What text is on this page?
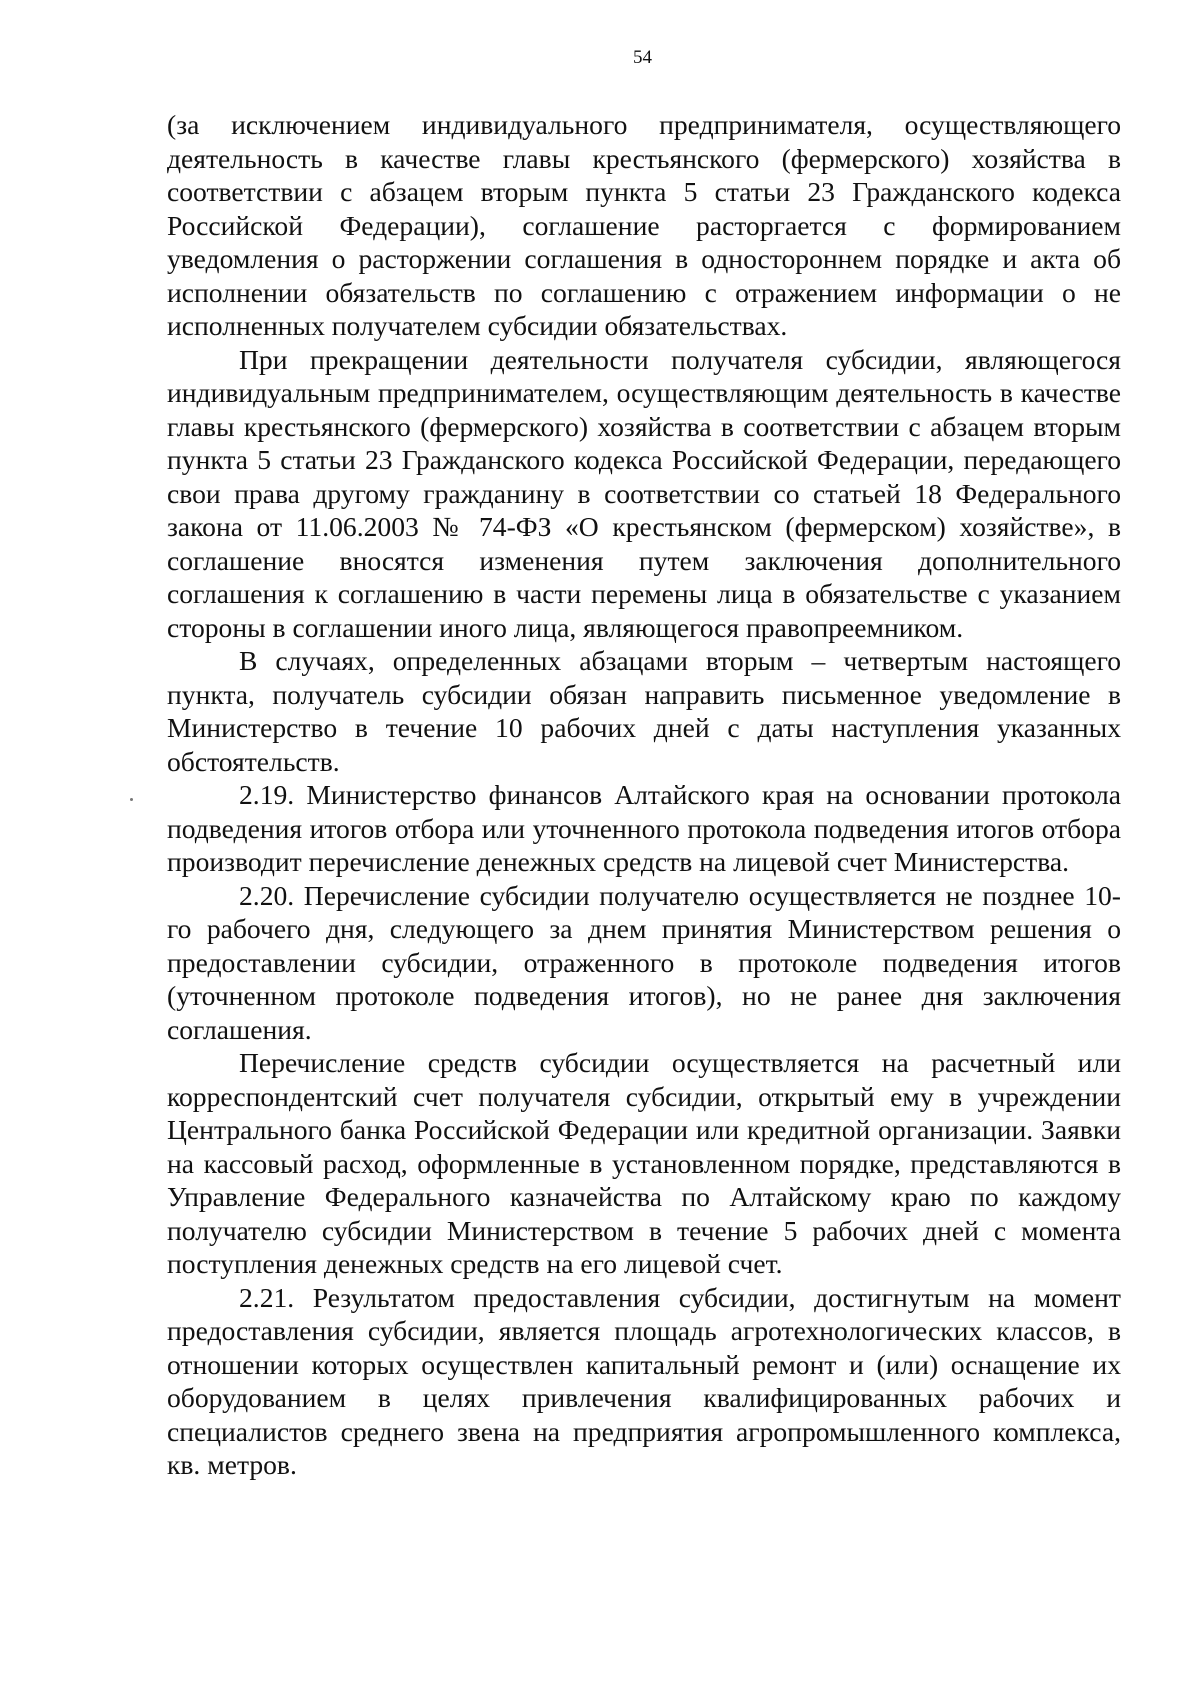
54

(за исключением индивидуального предпринимателя, осуществляющего деятельность в качестве главы крестьянского (фермерского) хозяйства в соответствии с абзацем вторым пункта 5 статьи 23 Гражданского кодекса Российской Федерации), соглашение расторгается с формированием уведомления о расторжении соглашения в одностороннем порядке и акта об исполнении обязательств по соглашению с отражением информации о не исполненных получателем субсидии обязательствах.

При прекращении деятельности получателя субсидии, являющегося индивидуальным предпринимателем, осуществляющим деятельность в качестве главы крестьянского (фермерского) хозяйства в соответствии с абзацем вторым пункта 5 статьи 23 Гражданского кодекса Российской Федерации, передающего свои права другому гражданину в соответствии со статьей 18 Федерального закона от 11.06.2003 № 74-ФЗ «О крестьянском (фермерском) хозяйстве», в соглашение вносятся изменения путем заключения дополнительного соглашения к соглашению в части перемены лица в обязательстве с указанием стороны в соглашении иного лица, являющегося правопреемником.

В случаях, определенных абзацами вторым – четвертым настоящего пункта, получатель субсидии обязан направить письменное уведомление в Министерство в течение 10 рабочих дней с даты наступления указанных обстоятельств.

2.19. Министерство финансов Алтайского края на основании протокола подведения итогов отбора или уточненного протокола подведения итогов отбора производит перечисление денежных средств на лицевой счет Министерства.

2.20. Перечисление субсидии получателю осуществляется не позднее 10-го рабочего дня, следующего за днем принятия Министерством решения о предоставлении субсидии, отраженного в протоколе подведения итогов (уточненном протоколе подведения итогов), но не ранее дня заключения соглашения.

Перечисление средств субсидии осуществляется на расчетный или корреспондентский счет получателя субсидии, открытый ему в учреждении Центрального банка Российской Федерации или кредитной организации. Заявки на кассовый расход, оформленные в установленном порядке, представляются в Управление Федерального казначейства по Алтайскому краю по каждому получателю субсидии Министерством в течение 5 рабочих дней с момента поступления денежных средств на его лицевой счет.

2.21. Результатом предоставления субсидии, достигнутым на момент предоставления субсидии, является площадь агротехнологических классов, в отношении которых осуществлен капитальный ремонт и (или) оснащение их оборудованием в целях привлечения квалифицированных рабочих и специалистов среднего звена на предприятия агропромышленного комплекса, кв. метров.
